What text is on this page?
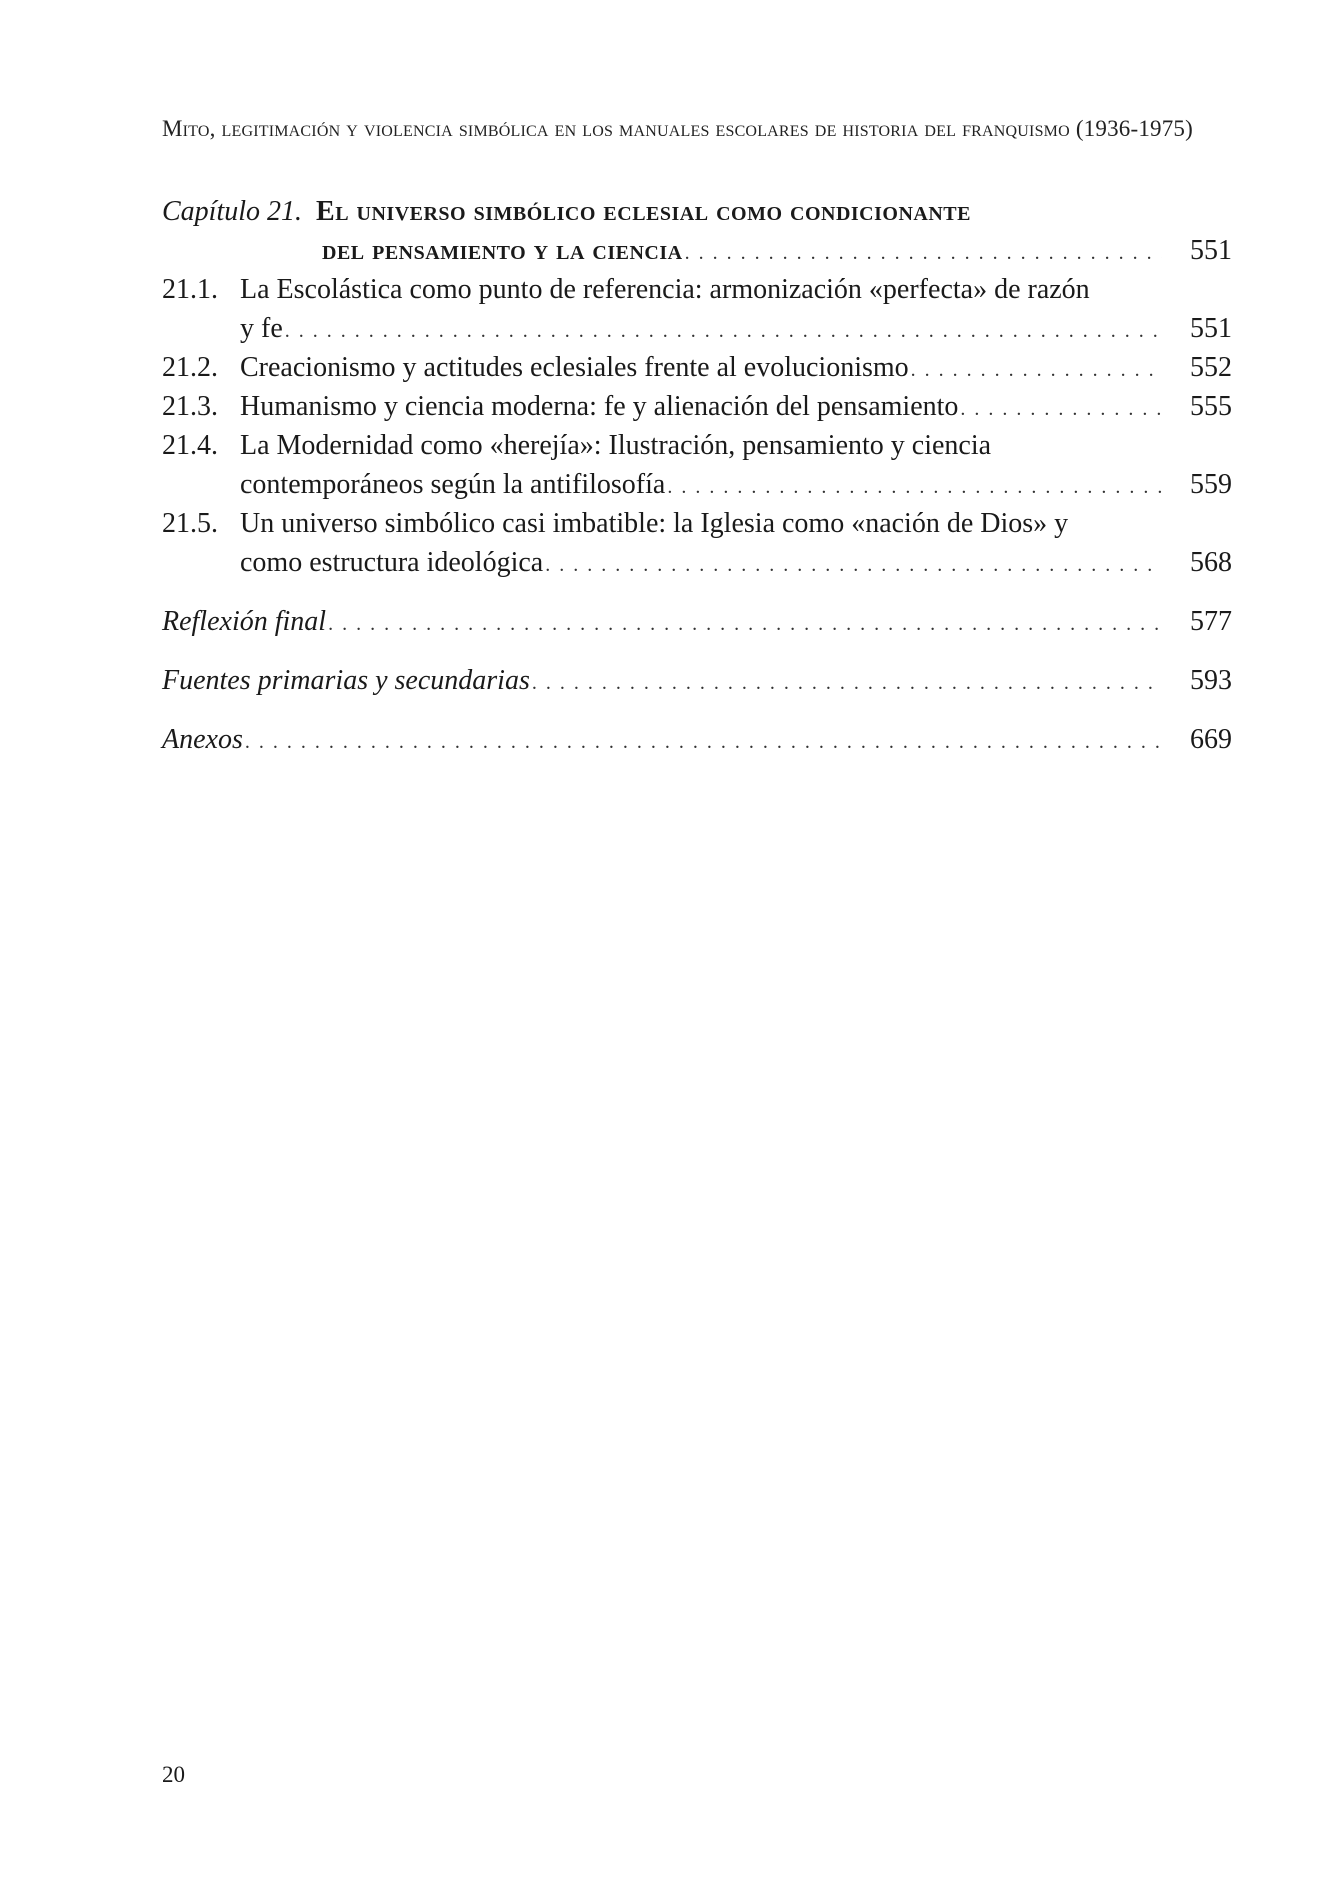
Mito, legitimación y violencia simbólica en los manuales escolares de historia del franquismo (1936-1975)
Capítulo 21.
El universo simbólico eclesial como condicionante
del pensamiento y la ciencia . . .	551
21.1. La Escolástica como punto de referencia: armonización «perfecta» de razón
y fe . . .	551
21.2. Creacionismo y actitudes eclesiales frente al evolucionismo . . .	552
21.3. Humanismo y ciencia moderna: fe y alienación del pensamiento . . .	555
21.4. La Modernidad como «herejía»: Ilustración, pensamiento y ciencia
contemporáneos según la antifilosofía . . .	559
21.5. Un universo simbólico casi imbatible: la Iglesia como «nación de Dios» y
como estructura ideológica . . .	568
Reflexión final . . .	577
Fuentes primarias y secundarias . . .	593
Anexos . . .	669
20
